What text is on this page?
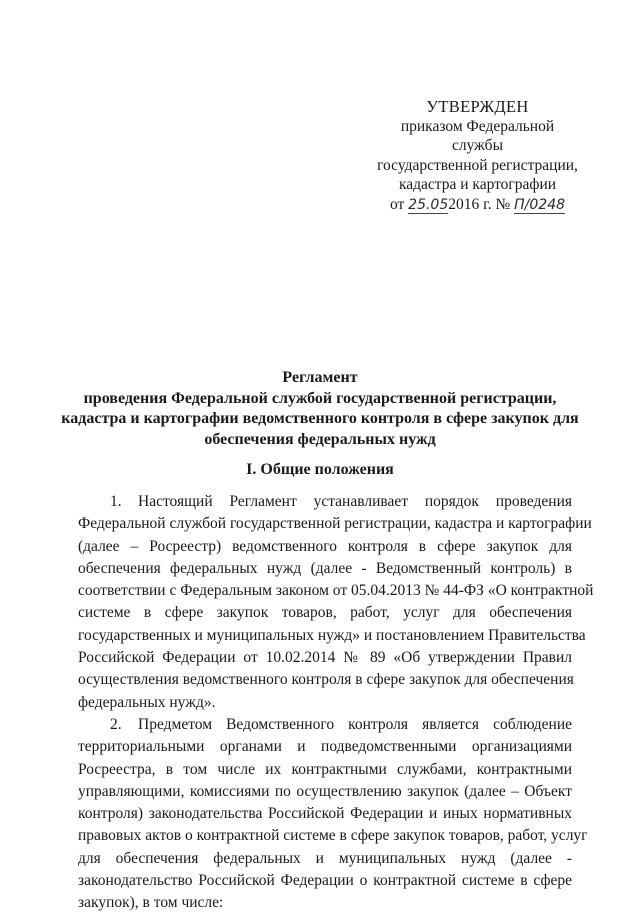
УТВЕРЖДЕН
приказом Федеральной
службы
государственной регистрации,
кадастра и картографии
от 25.052016 г. № П/0248
Регламент
проведения Федеральной службой государственной регистрации,
кадастра и картографии ведомственного контроля в сфере закупок для
обеспечения федеральных нужд
I. Общие положения
1. Настоящий Регламент устанавливает порядок проведения
Федеральной службой государственной регистрации, кадастра и картографии
(далее – Росреестр) ведомственного контроля в сфере закупок для
обеспечения федеральных нужд (далее - Ведомственный контроль) в
соответствии с Федеральным законом от 05.04.2013 № 44-ФЗ «О контрактной
системе в сфере закупок товаров, работ, услуг для обеспечения
государственных и муниципальных нужд» и постановлением Правительства
Российской Федерации от 10.02.2014 № 89 «Об утверждении Правил
осуществления ведомственного контроля в сфере закупок для обеспечения
федеральных нужд».
2. Предметом Ведомственного контроля является соблюдение
территориальными органами и подведомственными организациями
Росреестра, в том числе их контрактными службами, контрактными
управляющими, комиссиями по осуществлению закупок (далее – Объект
контроля) законодательства Российской Федерации и иных нормативных
правовых актов о контрактной системе в сфере закупок товаров, работ, услуг
для обеспечения федеральных и муниципальных нужд (далее -
законодательство Российской Федерации о контрактной системе в сфере
закупок), в том числе:
